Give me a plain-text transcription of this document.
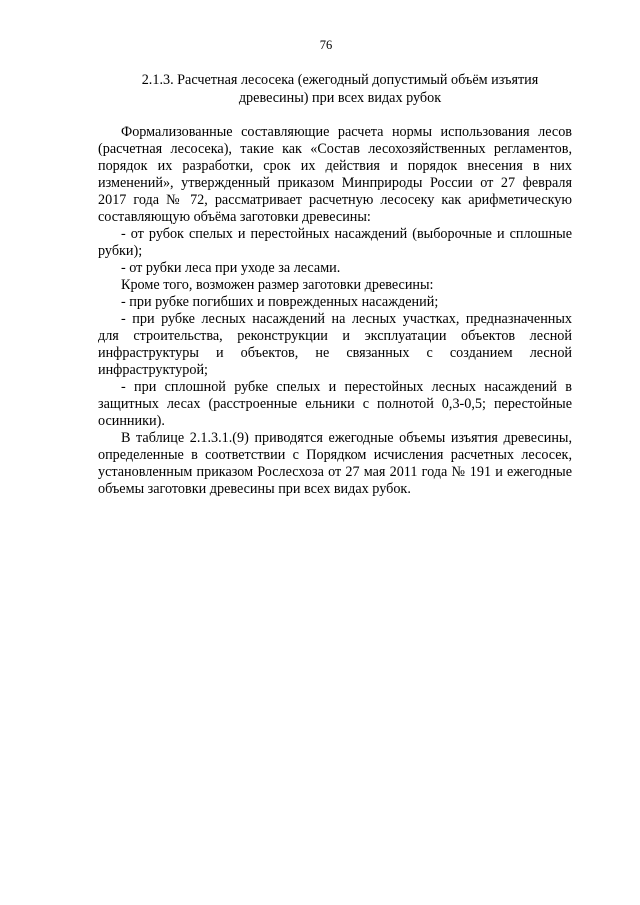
76
2.1.3. Расчетная лесосека (ежегодный допустимый объём изъятия
древесины) при всех видах рубок

Формализованные составляющие расчета нормы использования лесов (расчетная лесосека), такие как «Состав лесохозяйственных регламентов, порядок их разработки, срок их действия и порядок внесения в них изменений», утвержденный приказом Минприроды России от 27 февраля 2017 года № 72, рассматривает расчетную лесосеку как арифметическую составляющую объёма заготовки древесины:

- от рубок спелых и перестойных насаждений (выборочные и сплошные рубки);

- от рубки леса при уходе за лесами.

Кроме того, возможен размер заготовки древесины:

- при рубке погибших и поврежденных насаждений;

- при рубке лесных насаждений на лесных участках, предназначенных для строительства, реконструкции и эксплуатации объектов лесной инфраструктуры и объектов, не связанных с созданием лесной инфраструктурой;

- при сплошной рубке спелых и перестойных лесных насаждений в защитных лесах (расстроенные ельники с полнотой 0,3-0,5; перестойные осинники).

В таблице 2.1.3.1.(9) приводятся ежегодные объемы изъятия древесины, определенные в соответствии с Порядком исчисления расчетных лесосек, установленным приказом Рослесхоза от 27 мая 2011 года № 191 и ежегодные объемы заготовки древесины при всех видах рубок.
